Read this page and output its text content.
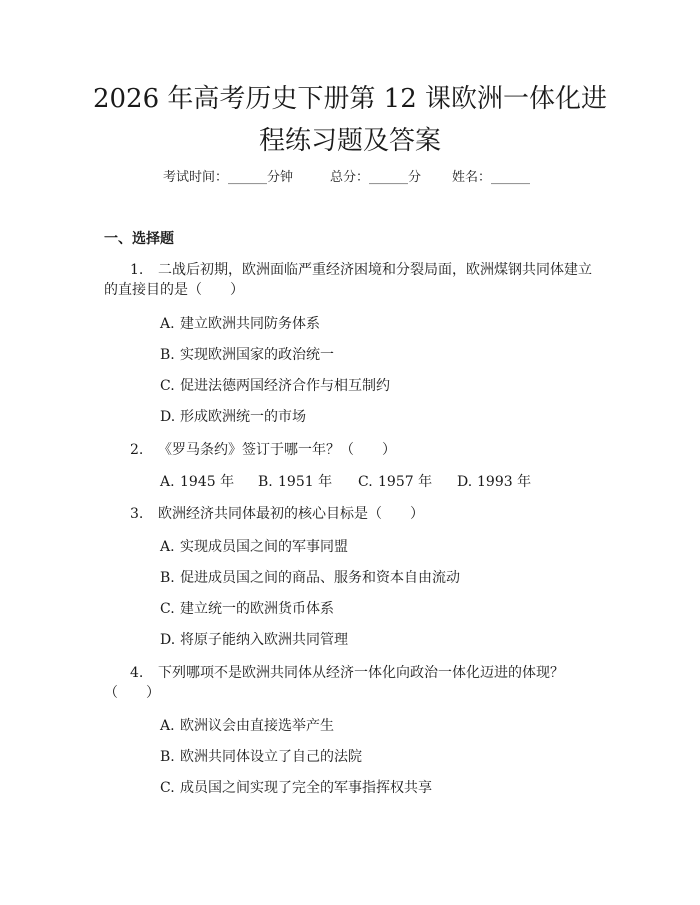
2026 年高考历史下册第 12 课欧洲一体化进
程练习题及答案
考试时间：______分钟	总分：______分 姓名：______
一、选择题
1.	二战后初期，欧洲面临严重经济困境和分裂局面，欧洲煤钢共同体建立的直接目的是（　　）
A. 建立欧洲共同防务体系
B. 实现欧洲国家的政治统一
C. 促进法德两国经济合作与相互制约
D. 形成欧洲统一的市场
2.	《罗马条约》签订于哪一年？（　　）
A. 1945 年 B. 1951 年 C. 1957 年 D. 1993 年
3.	欧洲经济共同体最初的核心目标是（　　）
A. 实现成员国之间的军事同盟
B. 促进成员国之间的商品、服务和资本自由流动
C. 建立统一的欧洲货币体系
D. 将原子能纳入欧洲共同管理
4.	下列哪项不是欧洲共同体从经济一体化向政治一体化迈进的体现？（　　）
A. 欧洲议会由直接选举产生
B. 欧洲共同体设立了自己的法院
C. 成员国之间实现了完全的军事指挥权共享
